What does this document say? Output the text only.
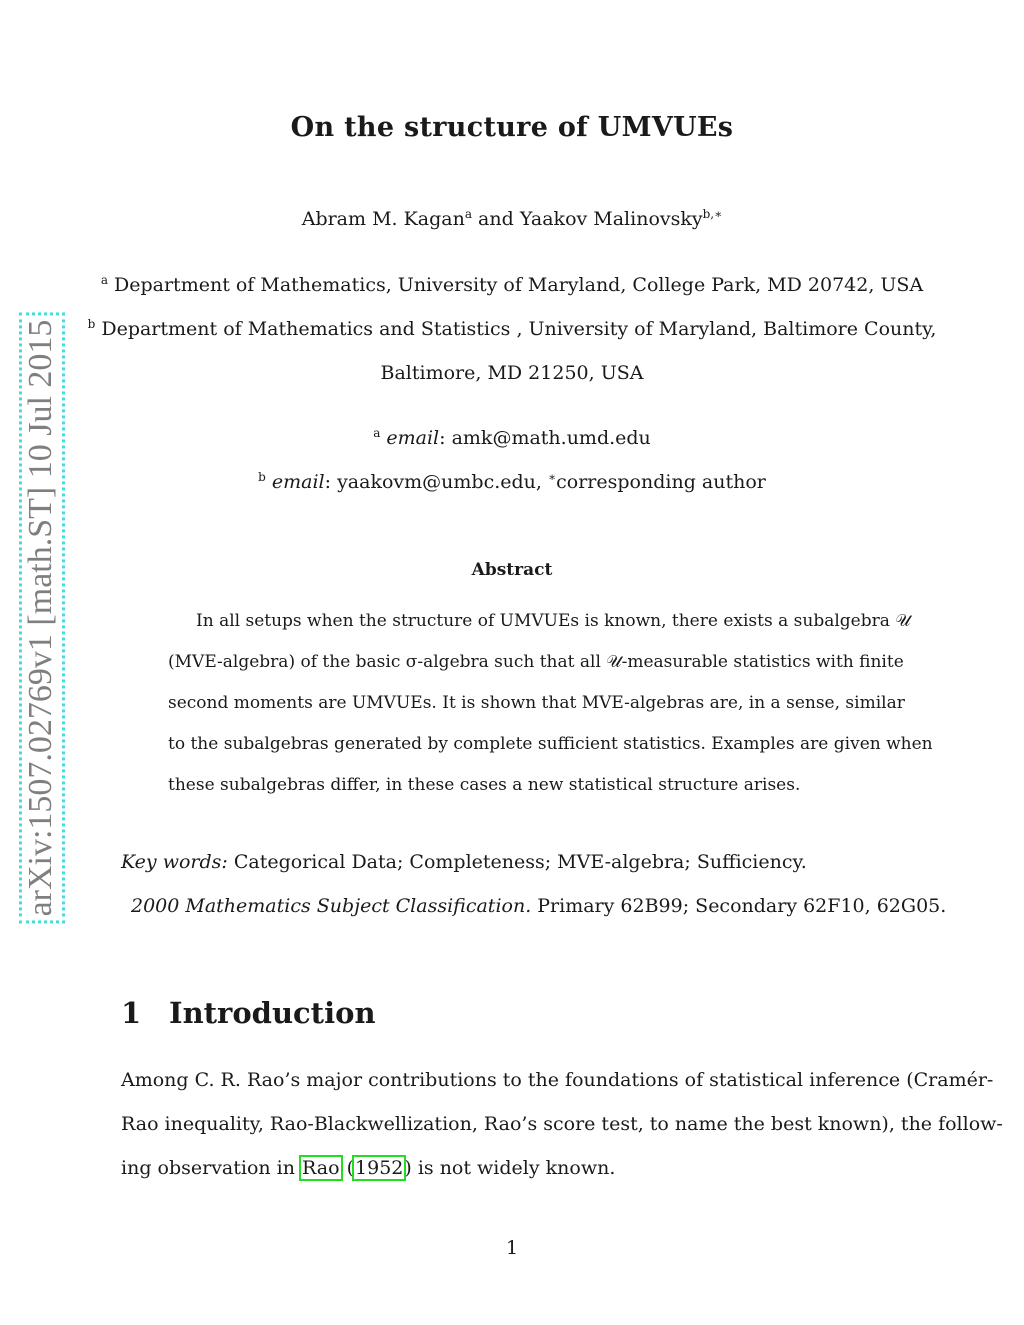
arXiv:1507.02769v1 [math.ST] 10 Jul 2015
On the structure of UMVUEs
Abram M. Kagan$^a$ and Yaakov Malinovsky$^{b,∗}$
$^a$ Department of Mathematics, University of Maryland, College Park, MD 20742, USA
$^b$ Department of Mathematics and Statistics , University of Maryland, Baltimore County,
Baltimore, MD 21250, USA
$^a$ email: amk@math.umd.edu
$^b$ email: yaakovm@umbc.edu, ∗corresponding author
Abstract
In all setups when the structure of UMVUEs is known, there exists a subalgebra 𝒰
(MVE-algebra) of the basic σ-algebra such that all 𝒰-measurable statistics with finite
second moments are UMVUEs. It is shown that MVE-algebras are, in a sense, similar
to the subalgebras generated by complete sufficient statistics. Examples are given when
these subalgebras differ, in these cases a new statistical structure arises.
Key words: Categorical Data; Completeness; MVE-algebra; Sufficiency.
2000 Mathematics Subject Classification. Primary 62B99; Secondary 62F10, 62G05.
1 Introduction
Among C. R. Rao’s major contributions to the foundations of statistical inference (Cramér-
Rao inequality, Rao-Blackwellization, Rao’s score test, to name the best known), the follow-
ing observation in Rao (1952) is not widely known.
1
